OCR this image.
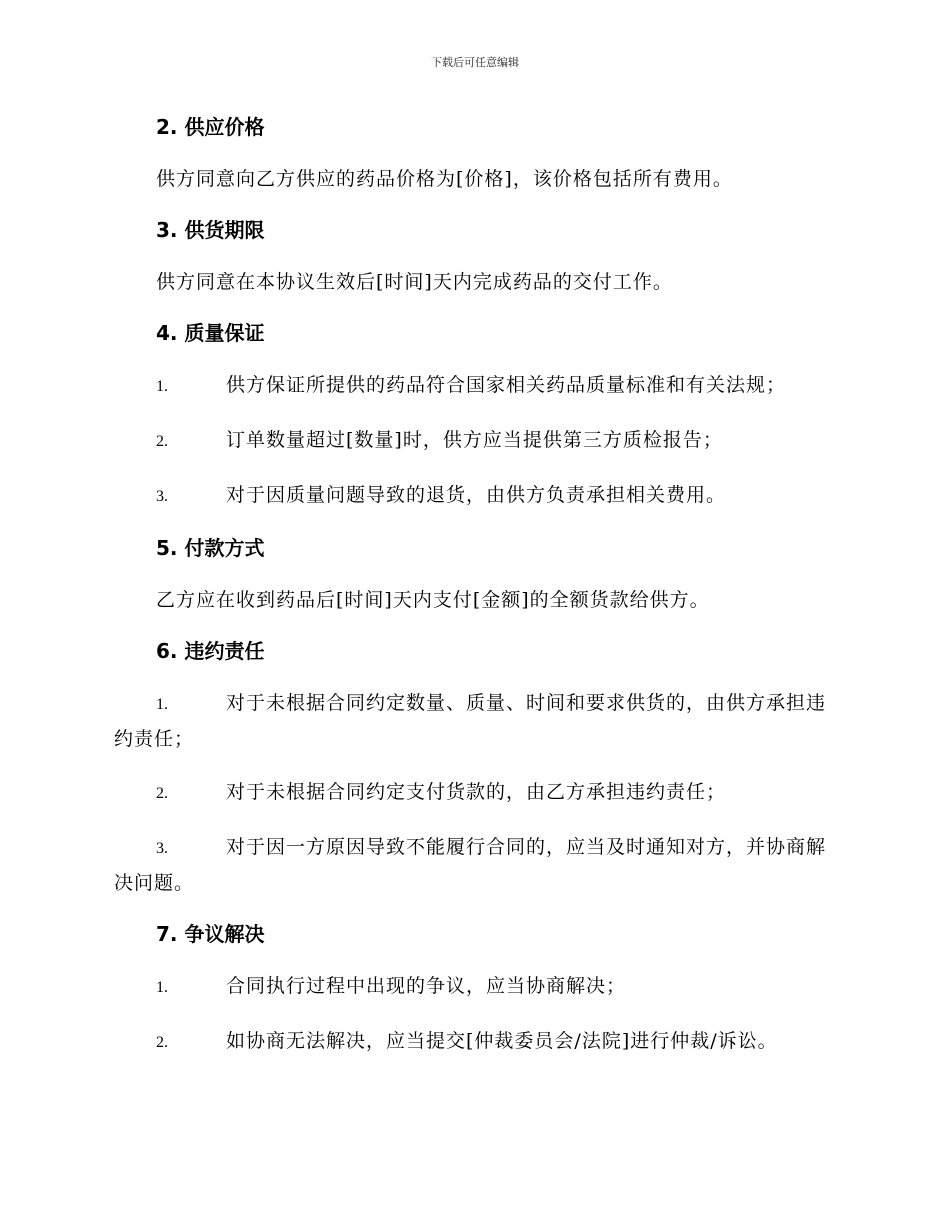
下载后可任意编辑
2. 供应价格

供方同意向乙方供应的药品价格为[价格]，该价格包括所有费用。

3. 供货期限

供方同意在本协议生效后[时间]天内完成药品的交付工作。

4. 质量保证
1.	供方保证所提供的药品符合国家相关药品质量标准和有关法规；
2.	订单数量超过[数量]时，供方应当提供第三方质检报告；
3.	对于因质量问题导致的退货，由供方负责承担相关费用。
5. 付款方式

乙方应在收到药品后[时间]天内支付[金额]的全额货款给供方。

6. 违约责任
1.	对于未根据合同约定数量、质量、时间和要求供货的，由供方承担违约责任；
2.	对于未根据合同约定支付货款的，由乙方承担违约责任；
3.	对于因一方原因导致不能履行合同的，应当及时通知对方，并协商解决问题。
7. 争议解决
1.	合同执行过程中出现的争议，应当协商解决；
2.	如协商无法解决，应当提交[仲裁委员会/法院]进行仲裁/诉讼。
